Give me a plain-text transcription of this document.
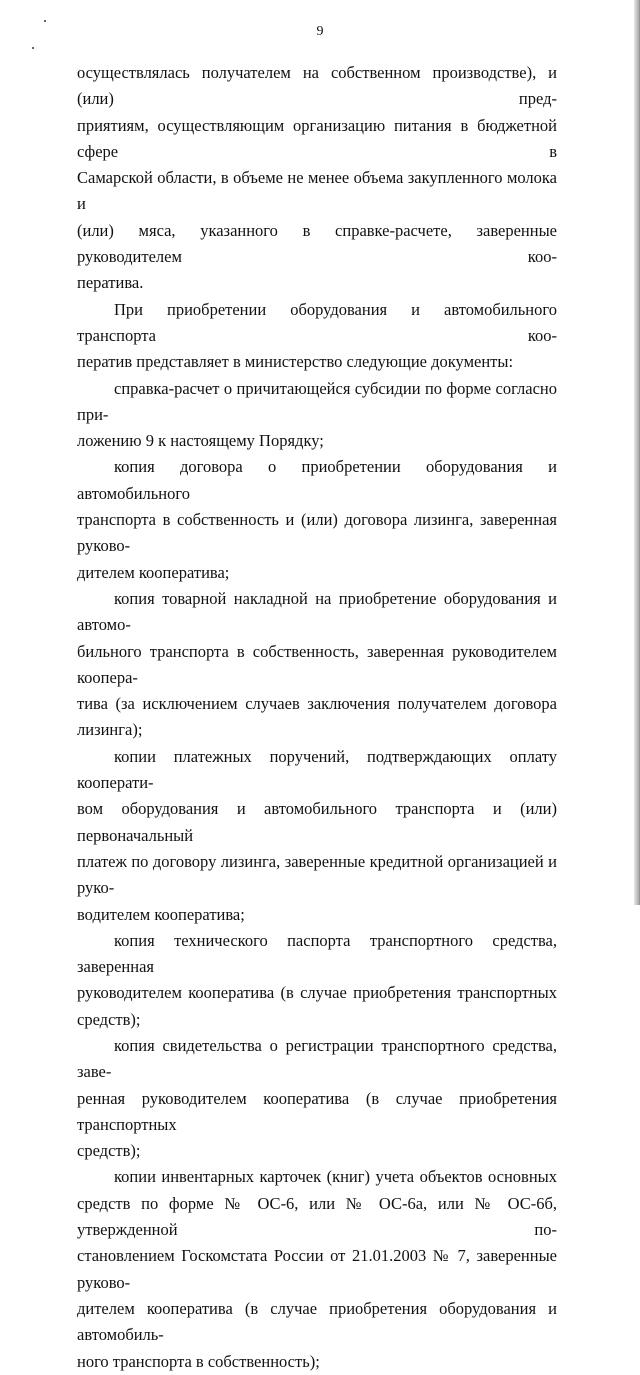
9

осуществлялась получателем на собственном производстве), и (или) пред-

приятиям, осуществляющим организацию питания в бюджетной сфере в

Самарской области, в объеме не менее объема закупленного молока и

(или) мяса, указанного в справке-расчете, заверенные руководителем коо-

ператива.

При приобретении оборудования и автомобильного транспорта коо-

ператив представляет в министерство следующие документы:

справка-расчет о причитающейся субсидии по форме согласно при-

ложению 9 к настоящему Порядку;

копия договора о приобретении оборудования и автомобильного

транспорта в собственность и (или) договора лизинга, заверенная руково-

дителем кооператива;

копия товарной накладной на приобретение оборудования и автомо-

бильного транспорта в собственность, заверенная руководителем коопера-

тива (за исключением случаев заключения получателем договора лизинга);

копии платежных поручений, подтверждающих оплату кооперати-

вом оборудования и автомобильного транспорта и (или) первоначальный

платеж по договору лизинга, заверенные кредитной организацией и руко-

водителем кооператива;

копия технического паспорта транспортного средства, заверенная

руководителем кооператива (в случае приобретения транспортных

средств);

копия свидетельства о регистрации транспортного средства, заве-

ренная руководителем кооператива (в случае приобретения транспортных

средств);

копии инвентарных карточек (книг) учета объектов основных

средств по форме № ОС-6, или № ОС-6а, или № ОС-6б, утвержденной по-

становлением Госкомстата России от 21.01.2003 № 7, заверенные руково-

дителем кооператива (в случае приобретения оборудования и автомобиль-

ного транспорта в собственность);
